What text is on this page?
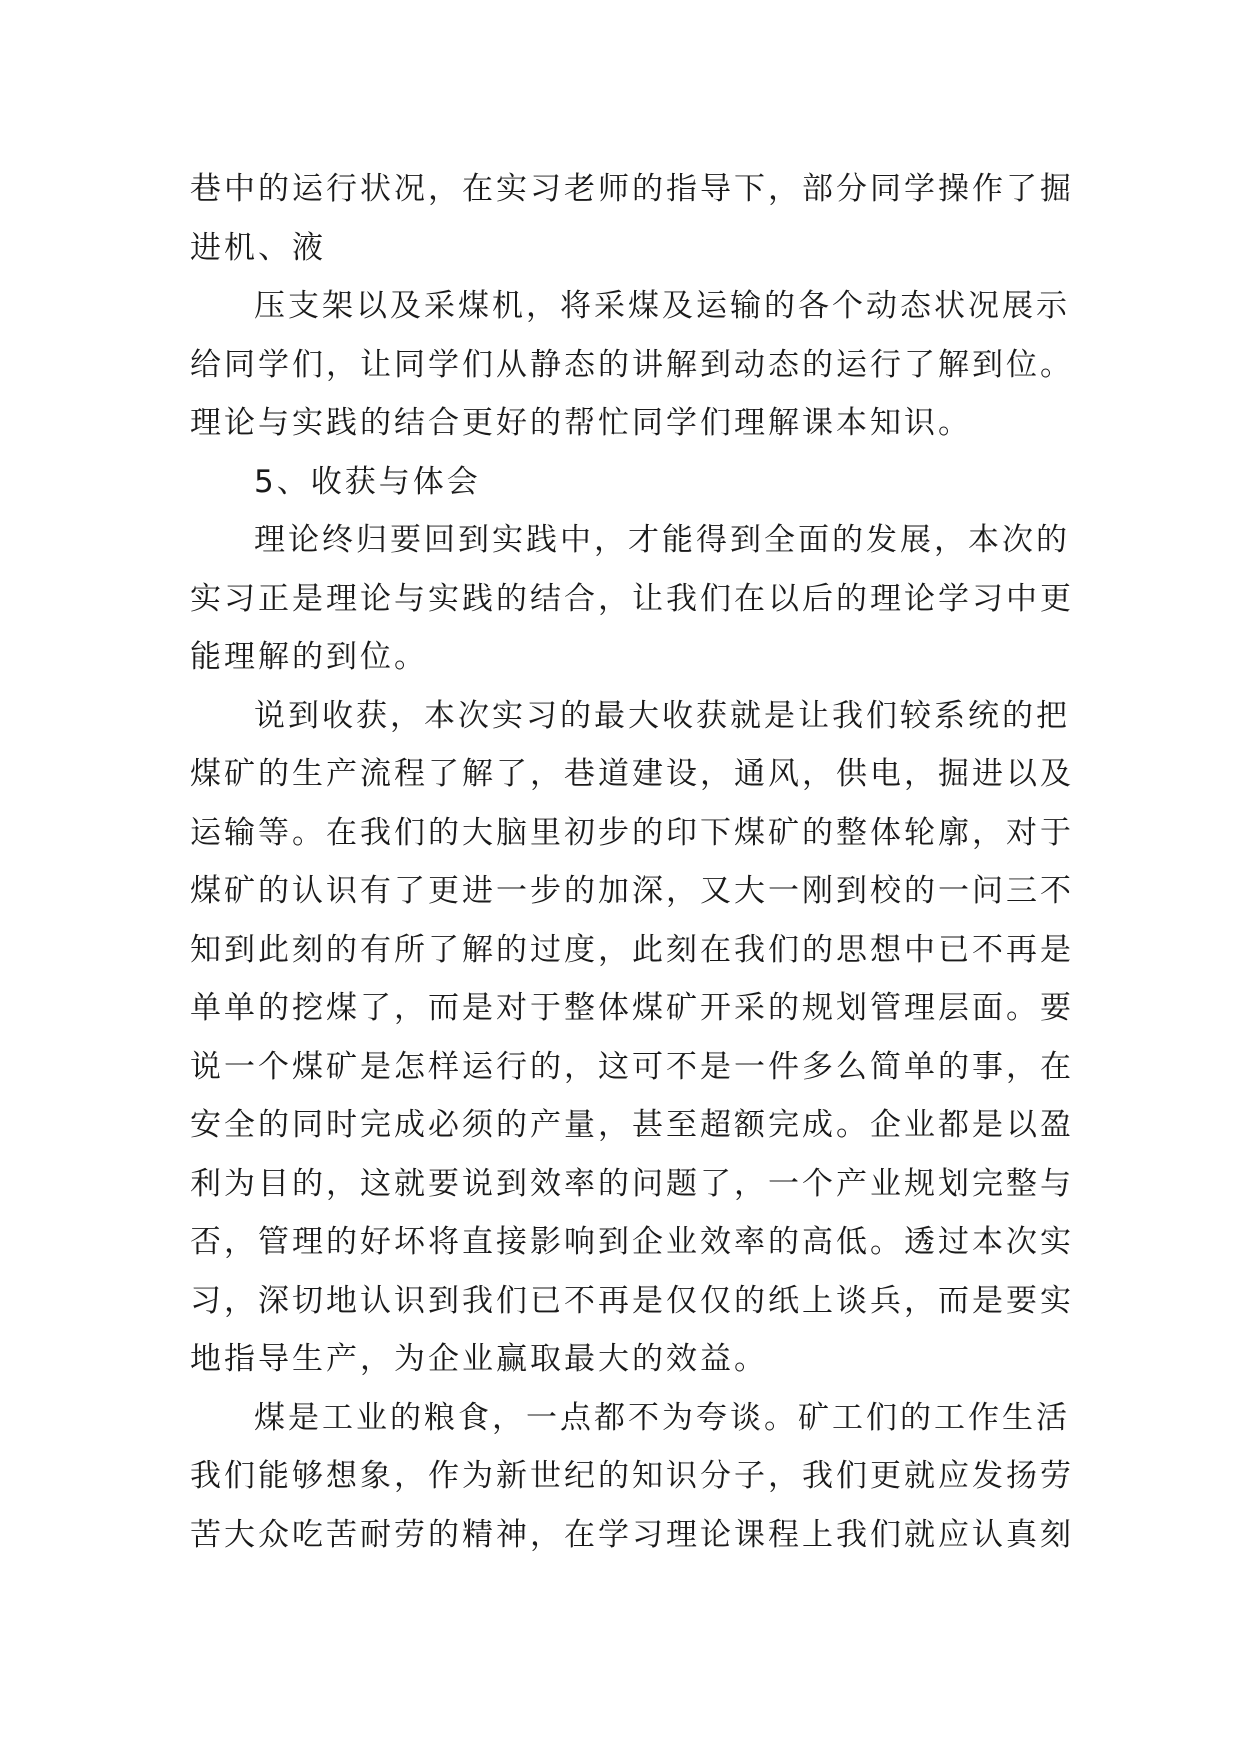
巷中的运行状况，在实习老师的指导下，部分同学操作了掘
进机、液
压支架以及采煤机，将采煤及运输的各个动态状况展示
给同学们，让同学们从静态的讲解到动态的运行了解到位。
理论与实践的结合更好的帮忙同学们理解课本知识。
5、收获与体会
理论终归要回到实践中，才能得到全面的发展，本次的
实习正是理论与实践的结合，让我们在以后的理论学习中更
能理解的到位。
说到收获，本次实习的最大收获就是让我们较系统的把
煤矿的生产流程了解了，巷道建设，通风，供电，掘进以及
运输等。在我们的大脑里初步的印下煤矿的整体轮廓，对于
煤矿的认识有了更进一步的加深，又大一刚到校的一问三不
知到此刻的有所了解的过度，此刻在我们的思想中已不再是
单单的挖煤了，而是对于整体煤矿开采的规划管理层面。要
说一个煤矿是怎样运行的，这可不是一件多么简单的事，在
安全的同时完成必须的产量，甚至超额完成。企业都是以盈
利为目的，这就要说到效率的问题了，一个产业规划完整与
否，管理的好坏将直接影响到企业效率的高低。透过本次实
习，深切地认识到我们已不再是仅仅的纸上谈兵，而是要实
地指导生产，为企业赢取最大的效益。
煤是工业的粮食，一点都不为夸谈。矿工们的工作生活
我们能够想象，作为新世纪的知识分子，我们更就应发扬劳
苦大众吃苦耐劳的精神，在学习理论课程上我们就应认真刻
